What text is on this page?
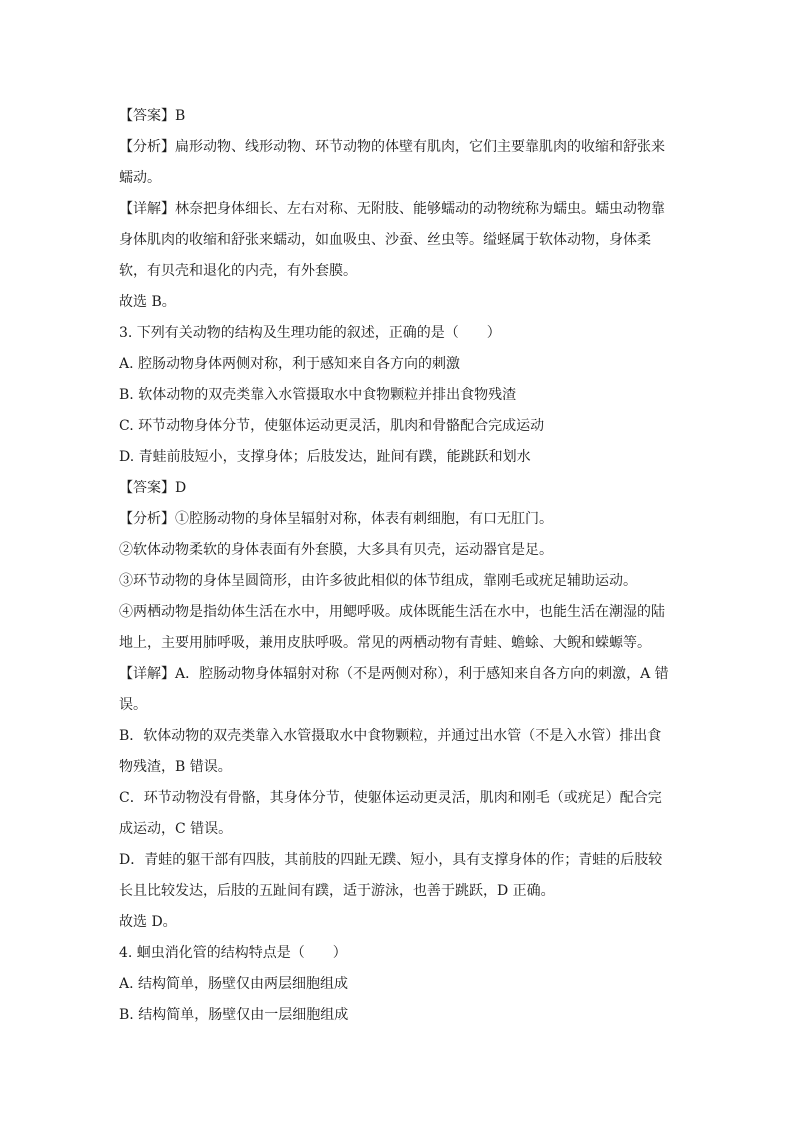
【答案】B
【分析】扁形动物、线形动物、环节动物的体壁有肌肉，它们主要靠肌肉的收缩和舒张来
蠕动。
【详解】林奈把身体细长、左右对称、无附肢、能够蠕动的动物统称为蠕虫。蠕虫动物靠
身体肌肉的收缩和舒张来蠕动，如血吸虫、沙蚕、丝虫等。缢蛏属于软体动物，身体柔
软，有贝壳和退化的内壳，有外套膜。
故选 B。
3. 下列有关动物的结构及生理功能的叙述，正确的是（　　）
A. 腔肠动物身体两侧对称，利于感知来自各方向的刺激
B. 软体动物的双壳类靠入水管摄取水中食物颗粒并排出食物残渣
C. 环节动物身体分节，使躯体运动更灵活，肌肉和骨骼配合完成运动
D. 青蛙前肢短小，支撑身体；后肢发达，趾间有蹼，能跳跃和划水
【答案】D
【分析】①腔肠动物的身体呈辐射对称，体表有刺细胞，有口无肛门。
②软体动物柔软的身体表面有外套膜，大多具有贝壳，运动器官是足。
③环节动物的身体呈圆筒形，由许多彼此相似的体节组成，靠刚毛或疣足辅助运动。
④两栖动物是指幼体生活在水中，用鳃呼吸。成体既能生活在水中，也能生活在潮湿的陆
地上，主要用肺呼吸，兼用皮肤呼吸。常见的两栖动物有青蛙、蟾蜍、大鲵和蝾螈等。
【详解】A．腔肠动物身体辐射对称（不是两侧对称），利于感知来自各方向的刺激，A 错
误。
B．软体动物的双壳类靠入水管摄取水中食物颗粒，并通过出水管（不是入水管）排出食
物残渣，B 错误。
C．环节动物没有骨骼，其身体分节，使躯体运动更灵活，肌肉和刚毛（或疣足）配合完
成运动，C 错误。
D．青蛙的躯干部有四肢，其前肢的四趾无蹼、短小，具有支撑身体的作；青蛙的后肢较
长且比较发达，后肢的五趾间有蹼，适于游泳，也善于跳跃，D 正确。
故选 D。
4. 蛔虫消化管的结构特点是（　　）
A. 结构简单，肠壁仅由两层细胞组成
B. 结构简单，肠壁仅由一层细胞组成
